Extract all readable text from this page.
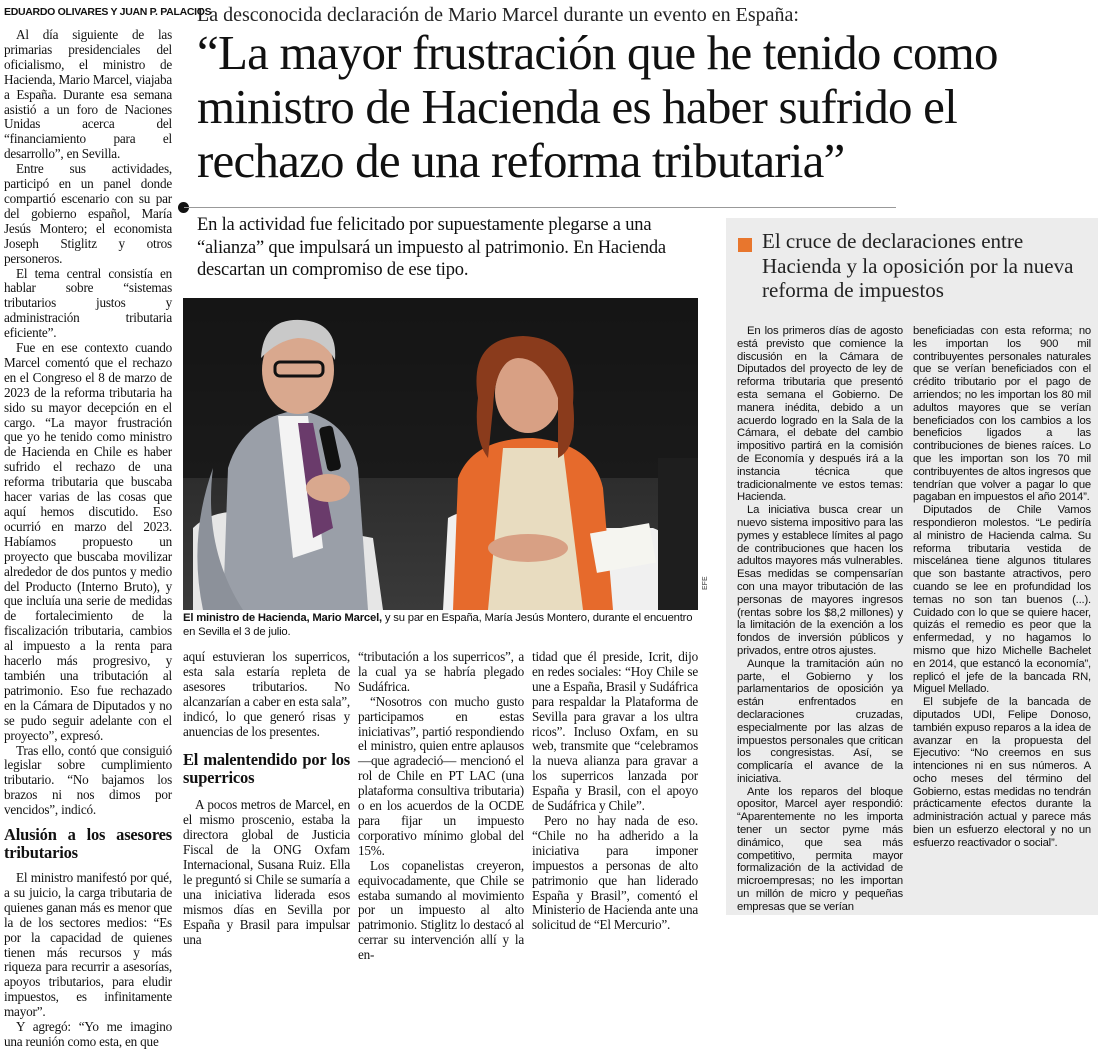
EDUARDO OLIVARES Y JUAN P. PALACIOS

Al día siguiente de las primarias presidenciales del oficialismo, el ministro de Hacienda, Mario Marcel, viajaba a España. Durante esa semana asistió a un foro de Naciones Unidas acerca del “financiamiento para el desarrollo”, en Sevilla.

Entre sus actividades, participó en un panel donde compartió escenario con su par del gobierno español, María Jesús Montero; el economista Joseph Stiglitz y otros personeros.

El tema central consistía en hablar sobre “sistemas tributarios justos y administración tributaria eficiente”.

Fue en ese contexto cuando Marcel comentó que el rechazo en el Congreso el 8 de marzo de 2023 de la reforma tributaria ha sido su mayor decepción en el cargo. “La mayor frustración que yo he tenido como ministro de Hacienda en Chile es haber sufrido el rechazo de una reforma tributaria que buscaba hacer varias de las cosas que aquí hemos discutido. Eso ocurrió en marzo del 2023. Habíamos propuesto un proyecto que buscaba movilizar alrededor de dos puntos y medio del Producto (Interno Bruto), y que incluía una serie de medidas de fortalecimiento de la fiscalización tributaria, cambios al impuesto a la renta para hacerlo más progresivo, y también una tributación al patrimonio. Eso fue rechazado en la Cámara de Diputados y no se pudo seguir adelante con el proyecto”, expresó.

Tras ello, contó que consiguió legislar sobre cumplimiento tributario. “No bajamos los brazos ni nos dimos por vencidos”, indicó.

Alusión a los asesores tributarios

El ministro manifestó por qué, a su juicio, la carga tributaria de quienes ganan más es menor que la de los sectores medios: “Es por la capacidad de quienes tienen más recursos y más riqueza para recurrir a asesorías, apoyos tributarios, para eludir impuestos, es infinitamente mayor”.

Y agregó: “Yo me imagino una reunión como esta, en que

La desconocida declaración de Mario Marcel durante un evento en España:
“La mayor frustración que he tenido como ministro de Hacienda es haber sufrido el rechazo de una reforma tributaria”
En la actividad fue felicitado por supuestamente plegarse a una “alianza” que impulsará un impuesto al patrimonio. En Hacienda descartan un compromiso de ese tipo.
EFE
El ministro de Hacienda, Mario Marcel, y su par en España, María Jesús Montero, durante el encuentro en Sevilla el 3 de julio.

aquí estuvieran los superricos, esta sala estaría repleta de asesores tributarios. No alcanzarían a caber en esta sala”, indicó, lo que generó risas y anuencias de los presentes.

El malentendido por los superricos

A pocos metros de Marcel, en el mismo proscenio, estaba la directora global de Justicia Fiscal de la ONG Oxfam Internacional, Susana Ruiz. Ella le preguntó si Chile se sumaría a una iniciativa liderada esos mismos días en Sevilla por España y Brasil para impulsar una

“tributación a los superricos”, a la cual ya se habría plegado Sudáfrica.

“Nosotros con mucho gusto participamos en estas iniciativas”, partió respondiendo el ministro, quien entre aplausos —que agradeció— mencionó el rol de Chile en PT LAC (una plataforma consultiva tributaria) o en los acuerdos de la OCDE para fijar un impuesto corporativo mínimo global del 15%.

Los copanelistas creyeron, equivocadamente, que Chile se estaba sumando al movimiento por un impuesto al alto patrimonio. Stiglitz lo destacó al cerrar su intervención allí y la en-

tidad que él preside, Icrit, dijo en redes sociales: “Hoy Chile se une a España, Brasil y Sudáfrica para respaldar la Plataforma de Sevilla para gravar a los ultra ricos”. Incluso Oxfam, en su web, transmite que “celebramos la nueva alianza para gravar a los superricos lanzada por España y Brasil, con el apoyo de Sudáfrica y Chile”.

Pero no hay nada de eso. “Chile no ha adherido a la iniciativa para imponer impuestos a personas de alto patrimonio que han liderado España y Brasil”, comentó el Ministerio de Hacienda ante una solicitud de “El Mercurio”.

El cruce de declaraciones entre Hacienda y la oposición por la nueva reforma de impuestos

En los primeros días de agosto está previsto que comience la discusión en la Cámara de Diputados del proyecto de ley de reforma tributaria que presentó esta semana el Gobierno. De manera inédita, debido a un acuerdo logrado en la Sala de la Cámara, el debate del cambio impositivo partirá en la comisión de Economía y después irá a la instancia técnica que tradicionalmente ve estos temas: Hacienda.

La iniciativa busca crear un nuevo sistema impositivo para las pymes y establece límites al pago de contribuciones que hacen los adultos mayores más vulnerables. Esas medidas se compensarían con una mayor tributación de las personas de mayores ingresos (rentas sobre los $8,2 millones) y la limitación de la exención a los fondos de inversión públicos y privados, entre otros ajustes.

Aunque la tramitación aún no parte, el Gobierno y los parlamentarios de oposición ya están enfrentados en declaraciones cruzadas, especialmente por las alzas de impuestos personales que critican los congresistas. Así, se complicaría el avance de la iniciativa.

Ante los reparos del bloque opositor, Marcel ayer respondió: “Aparentemente no les importa tener un sector pyme más dinámico, que sea más competitivo, permita mayor formalización de la actividad de microempresas; no les importan un millón de micro y pequeñas empresas que se verían

beneficiadas con esta reforma; no les importan los 900 mil contribuyentes personales naturales que se verían beneficiados con el crédito tributario por el pago de arriendos; no les importan los 80 mil adultos mayores que se verían beneficiados con los cambios a los beneficios ligados a las contribuciones de bienes raíces. Lo que les importan son los 70 mil contribuyentes de altos ingresos que tendrían que volver a pagar lo que pagaban en impuestos el año 2014”.

Diputados de Chile Vamos respondieron molestos. “Le pediría al ministro de Hacienda calma. Su reforma tributaria vestida de miscelánea tiene algunos titulares que son bastante atractivos, pero cuando se lee en profundidad los temas no son tan buenos (...). Cuidado con lo que se quiere hacer, quizás el remedio es peor que la enfermedad, y no hagamos lo mismo que hizo Michelle Bachelet en 2014, que estancó la economía”, replicó el jefe de la bancada RN, Miguel Mellado.

El subjefe de la bancada de diputados UDI, Felipe Donoso, también expuso reparos a la idea de avanzar en la propuesta del Ejecutivo: “No creemos en sus intenciones ni en sus números. A ocho meses del término del Gobierno, estas medidas no tendrán prácticamente efectos durante la administración actual y parece más bien un esfuerzo electoral y no un esfuerzo reactivador o social”.
